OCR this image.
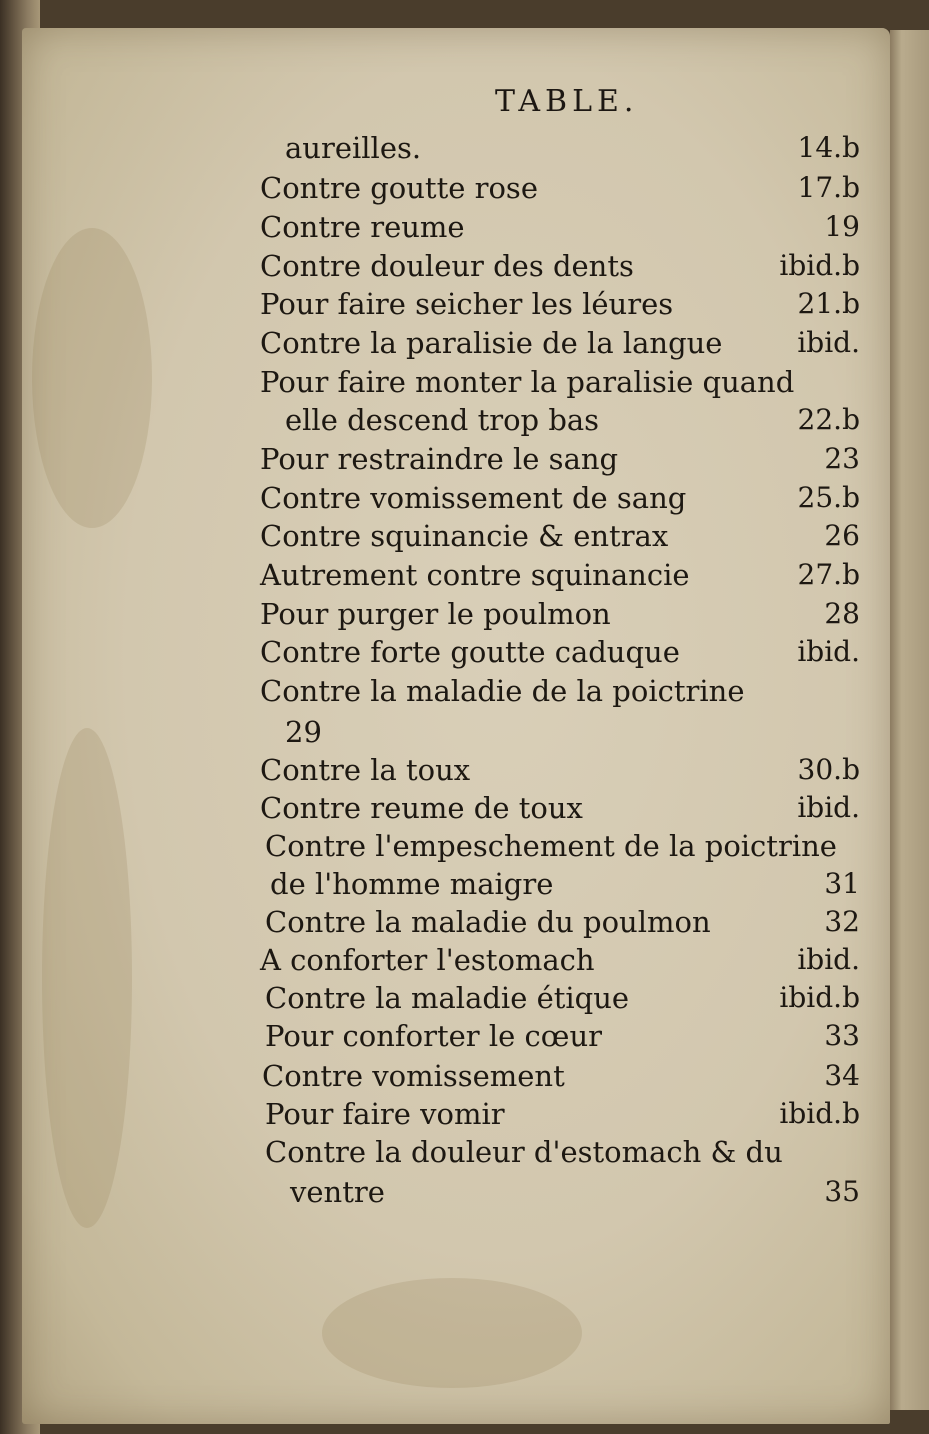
TABLE.
aureilles.	14.b
Contre goutte rose	17.b
Contre reume	19
Contre douleur des dents	ibid.b
Pour faire seicher les léures	21.b
Contre la paralisie de la langue	ibid.
Pour faire monter la paralisie quand
elle descend trop bas	22.b
Pour restraindre le sang	23
Contre vomissement de sang	25.b
Contre squinancie & entrax	26
Autrement contre squinancie	27.b
Pour purger le poulmon	28
Contre forte goutte caduque	ibid.
Contre la maladie de la poictrine
29
Contre la toux	30.b
Contre reume de toux	ibid.
Contre l'empeschement de la poictrine
de l'homme maigre	31
Contre la maladie du poulmon	32
A conforter l'estomach	ibid.
Contre la maladie étique	ibid.b
Pour conforter le cœur	33
Contre vomissement	34
Pour faire vomir	ibid.b
Contre la douleur d'estomach & du
ventre	35
